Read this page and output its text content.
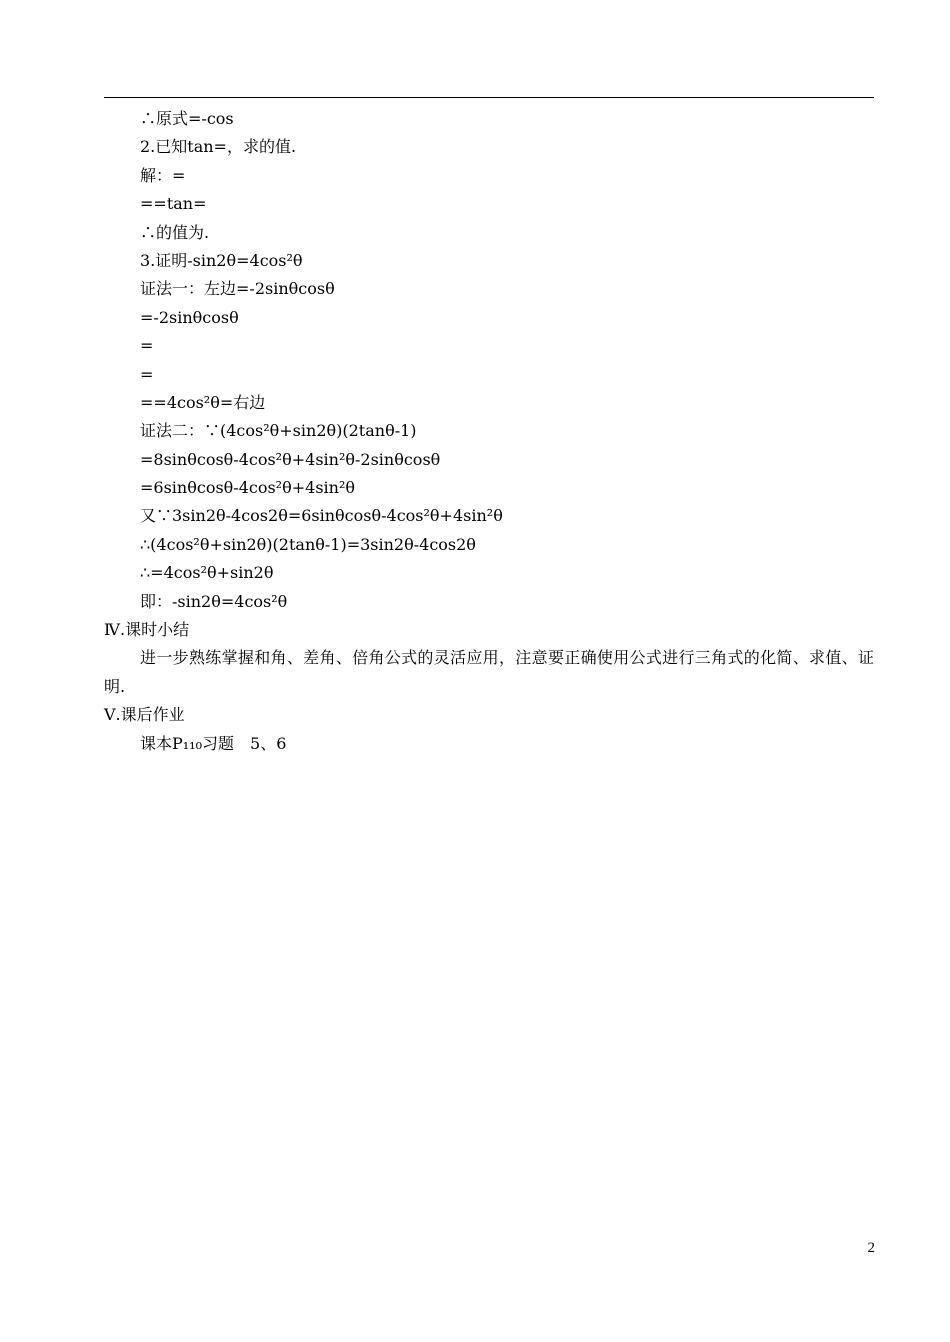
∴原式=-cos
2.已知tan=，求的值.
解：=
==tan=
∴的值为.
3.证明-sin2θ=4cos²θ
证法一：左边=-2sinθcosθ
=-2sinθcosθ
=
=
==4cos²θ=右边
证法二：∵(4cos²θ+sin2θ)(2tanθ-1)
=8sinθcosθ-4cos²θ+4sin²θ-2sinθcosθ
=6sinθcosθ-4cos²θ+4sin²θ
又∵3sin2θ-4cos2θ=6sinθcosθ-4cos²θ+4sin²θ
∴(4cos²θ+sin2θ)(2tanθ-1)=3sin2θ-4cos2θ
∴=4cos²θ+sin2θ
即：-sin2θ=4cos²θ
Ⅳ.课时小结
进一步熟练掌握和角、差角、倍角公式的灵活应用，注意要正确使用公式进行三角式的化简、求值、证明.
Ⅴ.课后作业
课本P₁₁₀习题　5、6
2
